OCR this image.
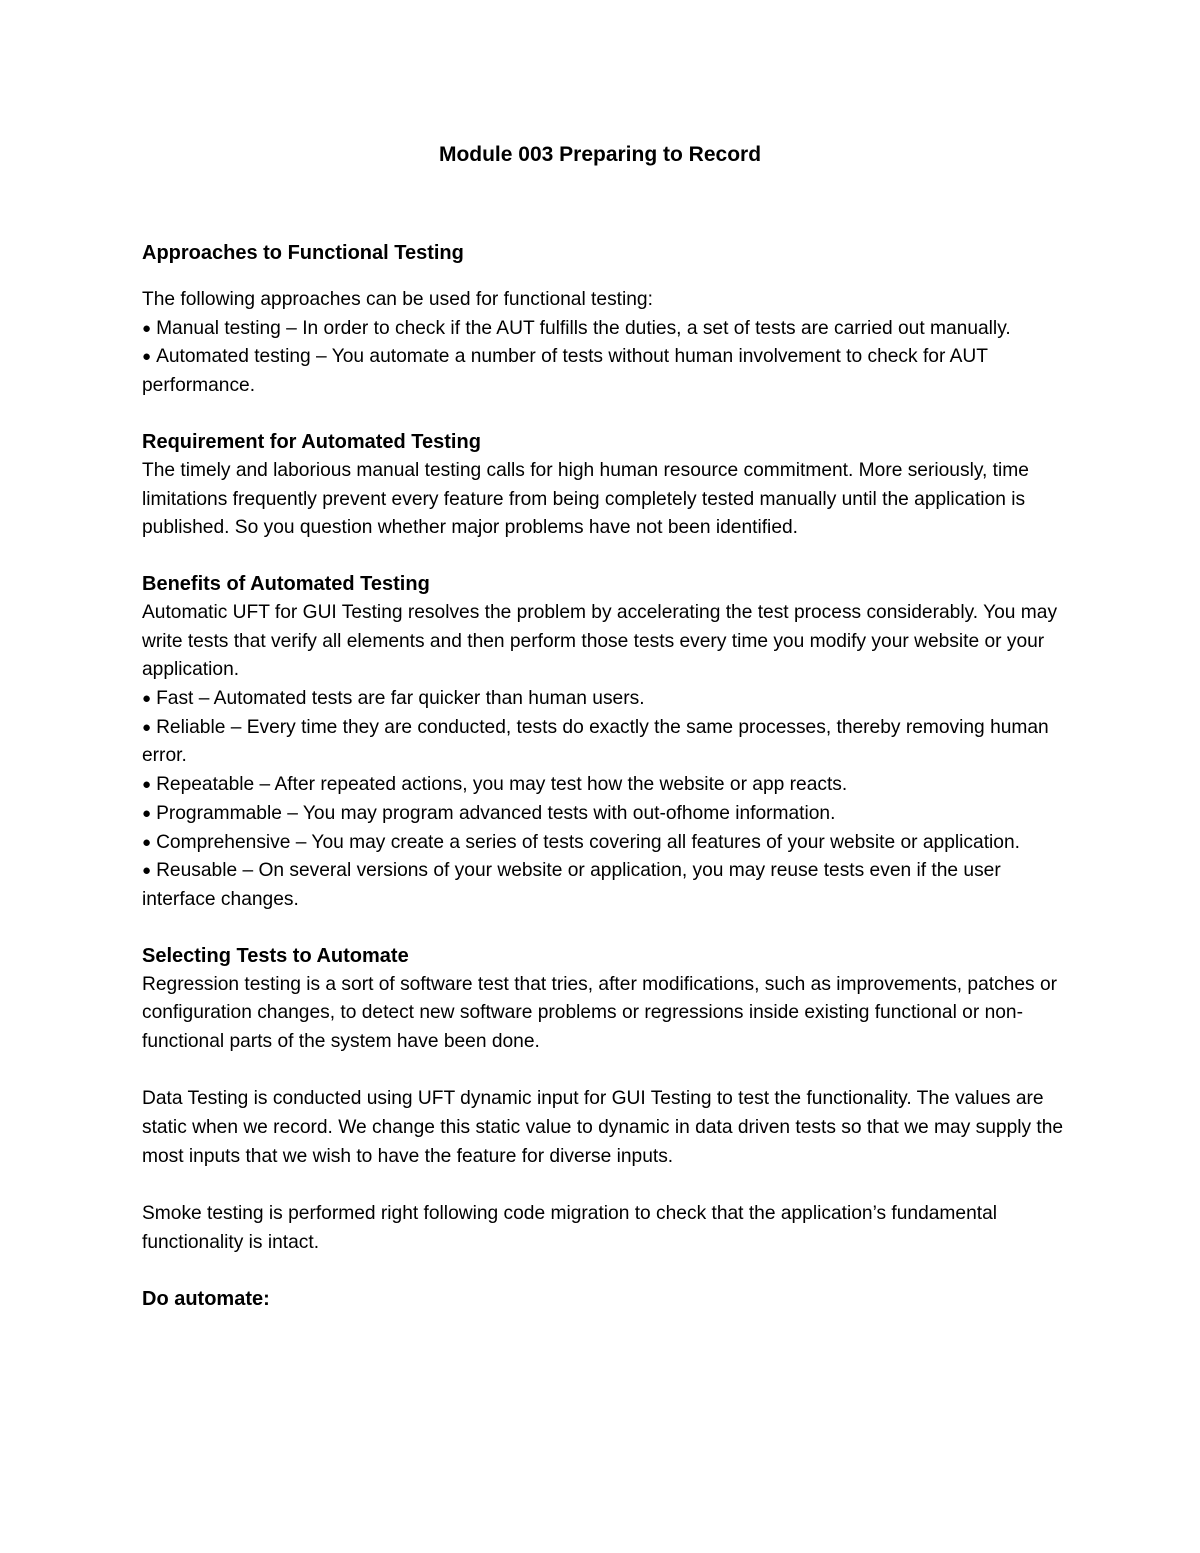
Module 003 Preparing to Record
Approaches to Functional Testing

The following approaches can be used for functional testing:

● Manual testing – In order to check if the AUT fulfills the duties, a set of tests are carried out manually.

● Automated testing – You automate a number of tests without human involvement to check for AUT performance.

Requirement for Automated Testing

The timely and laborious manual testing calls for high human resource commitment. More seriously, time limitations frequently prevent every feature from being completely tested manually until the application is published. So you question whether major problems have not been identified.

Benefits of Automated Testing

Automatic UFT for GUI Testing resolves the problem by accelerating the test process considerably. You may write tests that verify all elements and then perform those tests every time you modify your website or your application.

● Fast – Automated tests are far quicker than human users.

● Reliable – Every time they are conducted, tests do exactly the same processes, thereby removing human error.

● Repeatable – After repeated actions, you may test how the website or app reacts.

● Programmable – You may program advanced tests with out-ofhome information.

● Comprehensive – You may create a series of tests covering all features of your website or application.

● Reusable – On several versions of your website or application, you may reuse tests even if the user interface changes.

Selecting Tests to Automate

Regression testing is a sort of software test that tries, after modifications, such as improvements, patches or configuration changes, to detect new software problems or regressions inside existing functional or non-functional parts of the system have been done.

Data Testing is conducted using UFT dynamic input for GUI Testing to test the functionality. The values are static when we record. We change this static value to dynamic in data driven tests so that we may supply the most inputs that we wish to have the feature for diverse inputs.

Smoke testing is performed right following code migration to check that the application’s fundamental functionality is intact.

Do automate:
